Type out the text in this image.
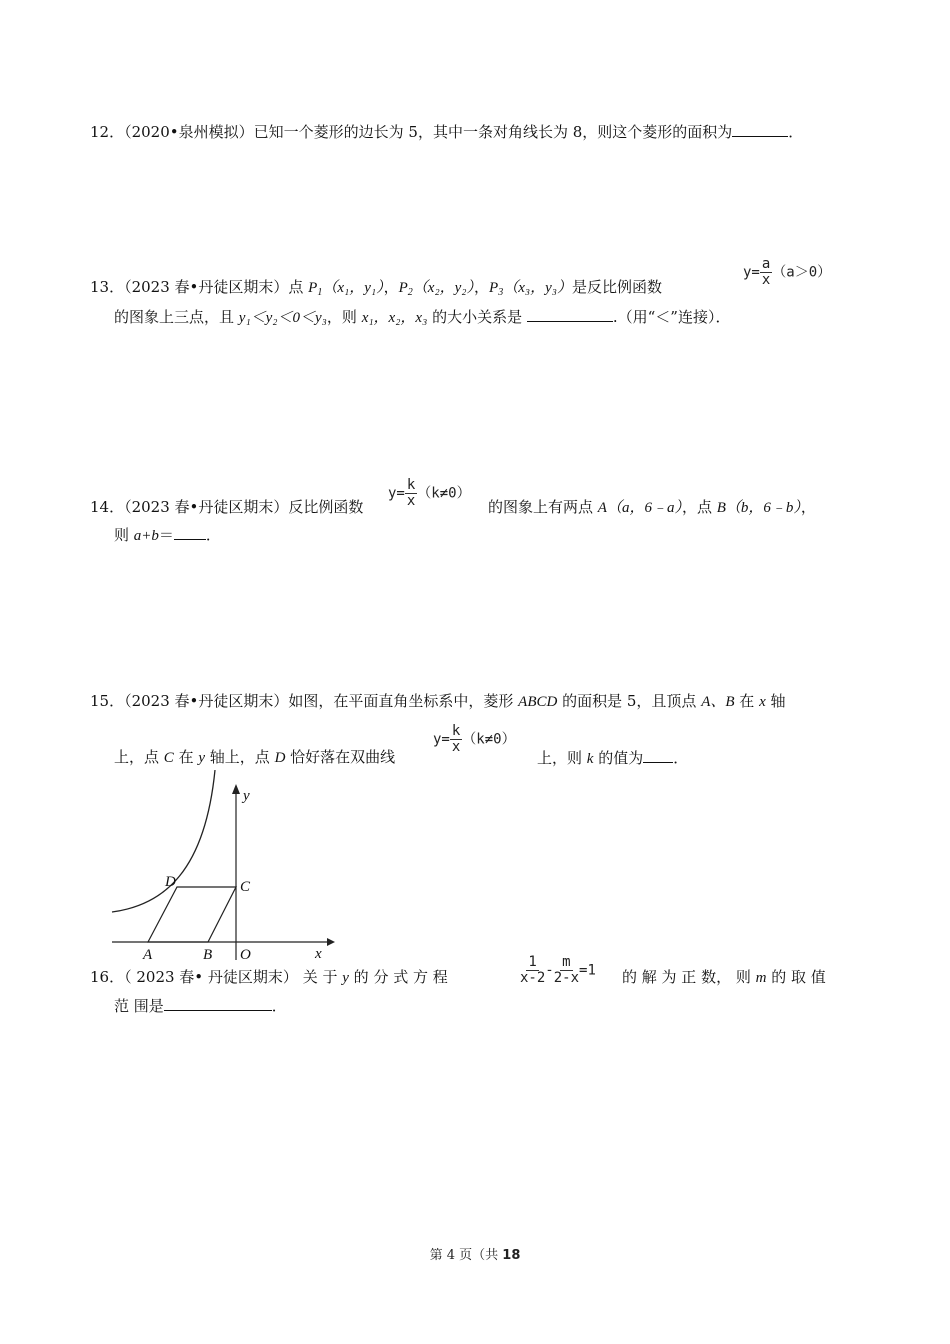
12．（2020•泉州模拟）已知一个菱形的边长为 5，其中一条对角线长为 8，则这个菱形的面积为	．
13．（2023 春•丹徒区期末）点 $P_1(x_1$，y₁），$P_2(x_2$，y₂），$P_3(x_3$，y₃）是反比例函数
$y= \frac{a}{x} (a>0)$
的图象上三点，且 y₁＜y₂＜0＜y₃，则 x₁，x₂，x₃ 的大小关系是	.（用“＜”连接）．
14．（2023 春•丹徒区期末）反比例函数
$y= \frac{k}{x} (k\ne 0)$
的图象上有两点 A（a，6﹣a），点 B（b，6﹣b），
则 a+b＝ ．
15．（2023 春•丹徒区期末）如图，在平面直角坐标系中，菱形 ABCD 的面积是 5，且顶点 A、B 在 x 轴
上，点 C 在 y 轴上，点 D 恰好落在双曲线
$y= \frac{k}{x} (k\ne 0)$
上，则 k 的值为 ．
A	B
C
D
O	x
y
16．（ 2023 春• 丹徒区期末） 关 于 y 的 分 式 方 程	$\frac{1}{x-2} - \frac{m}{2-x} =1$ 的 解 为 正 数， 则 m 的 取 值
范 围是	．
第 4 页（共 18
